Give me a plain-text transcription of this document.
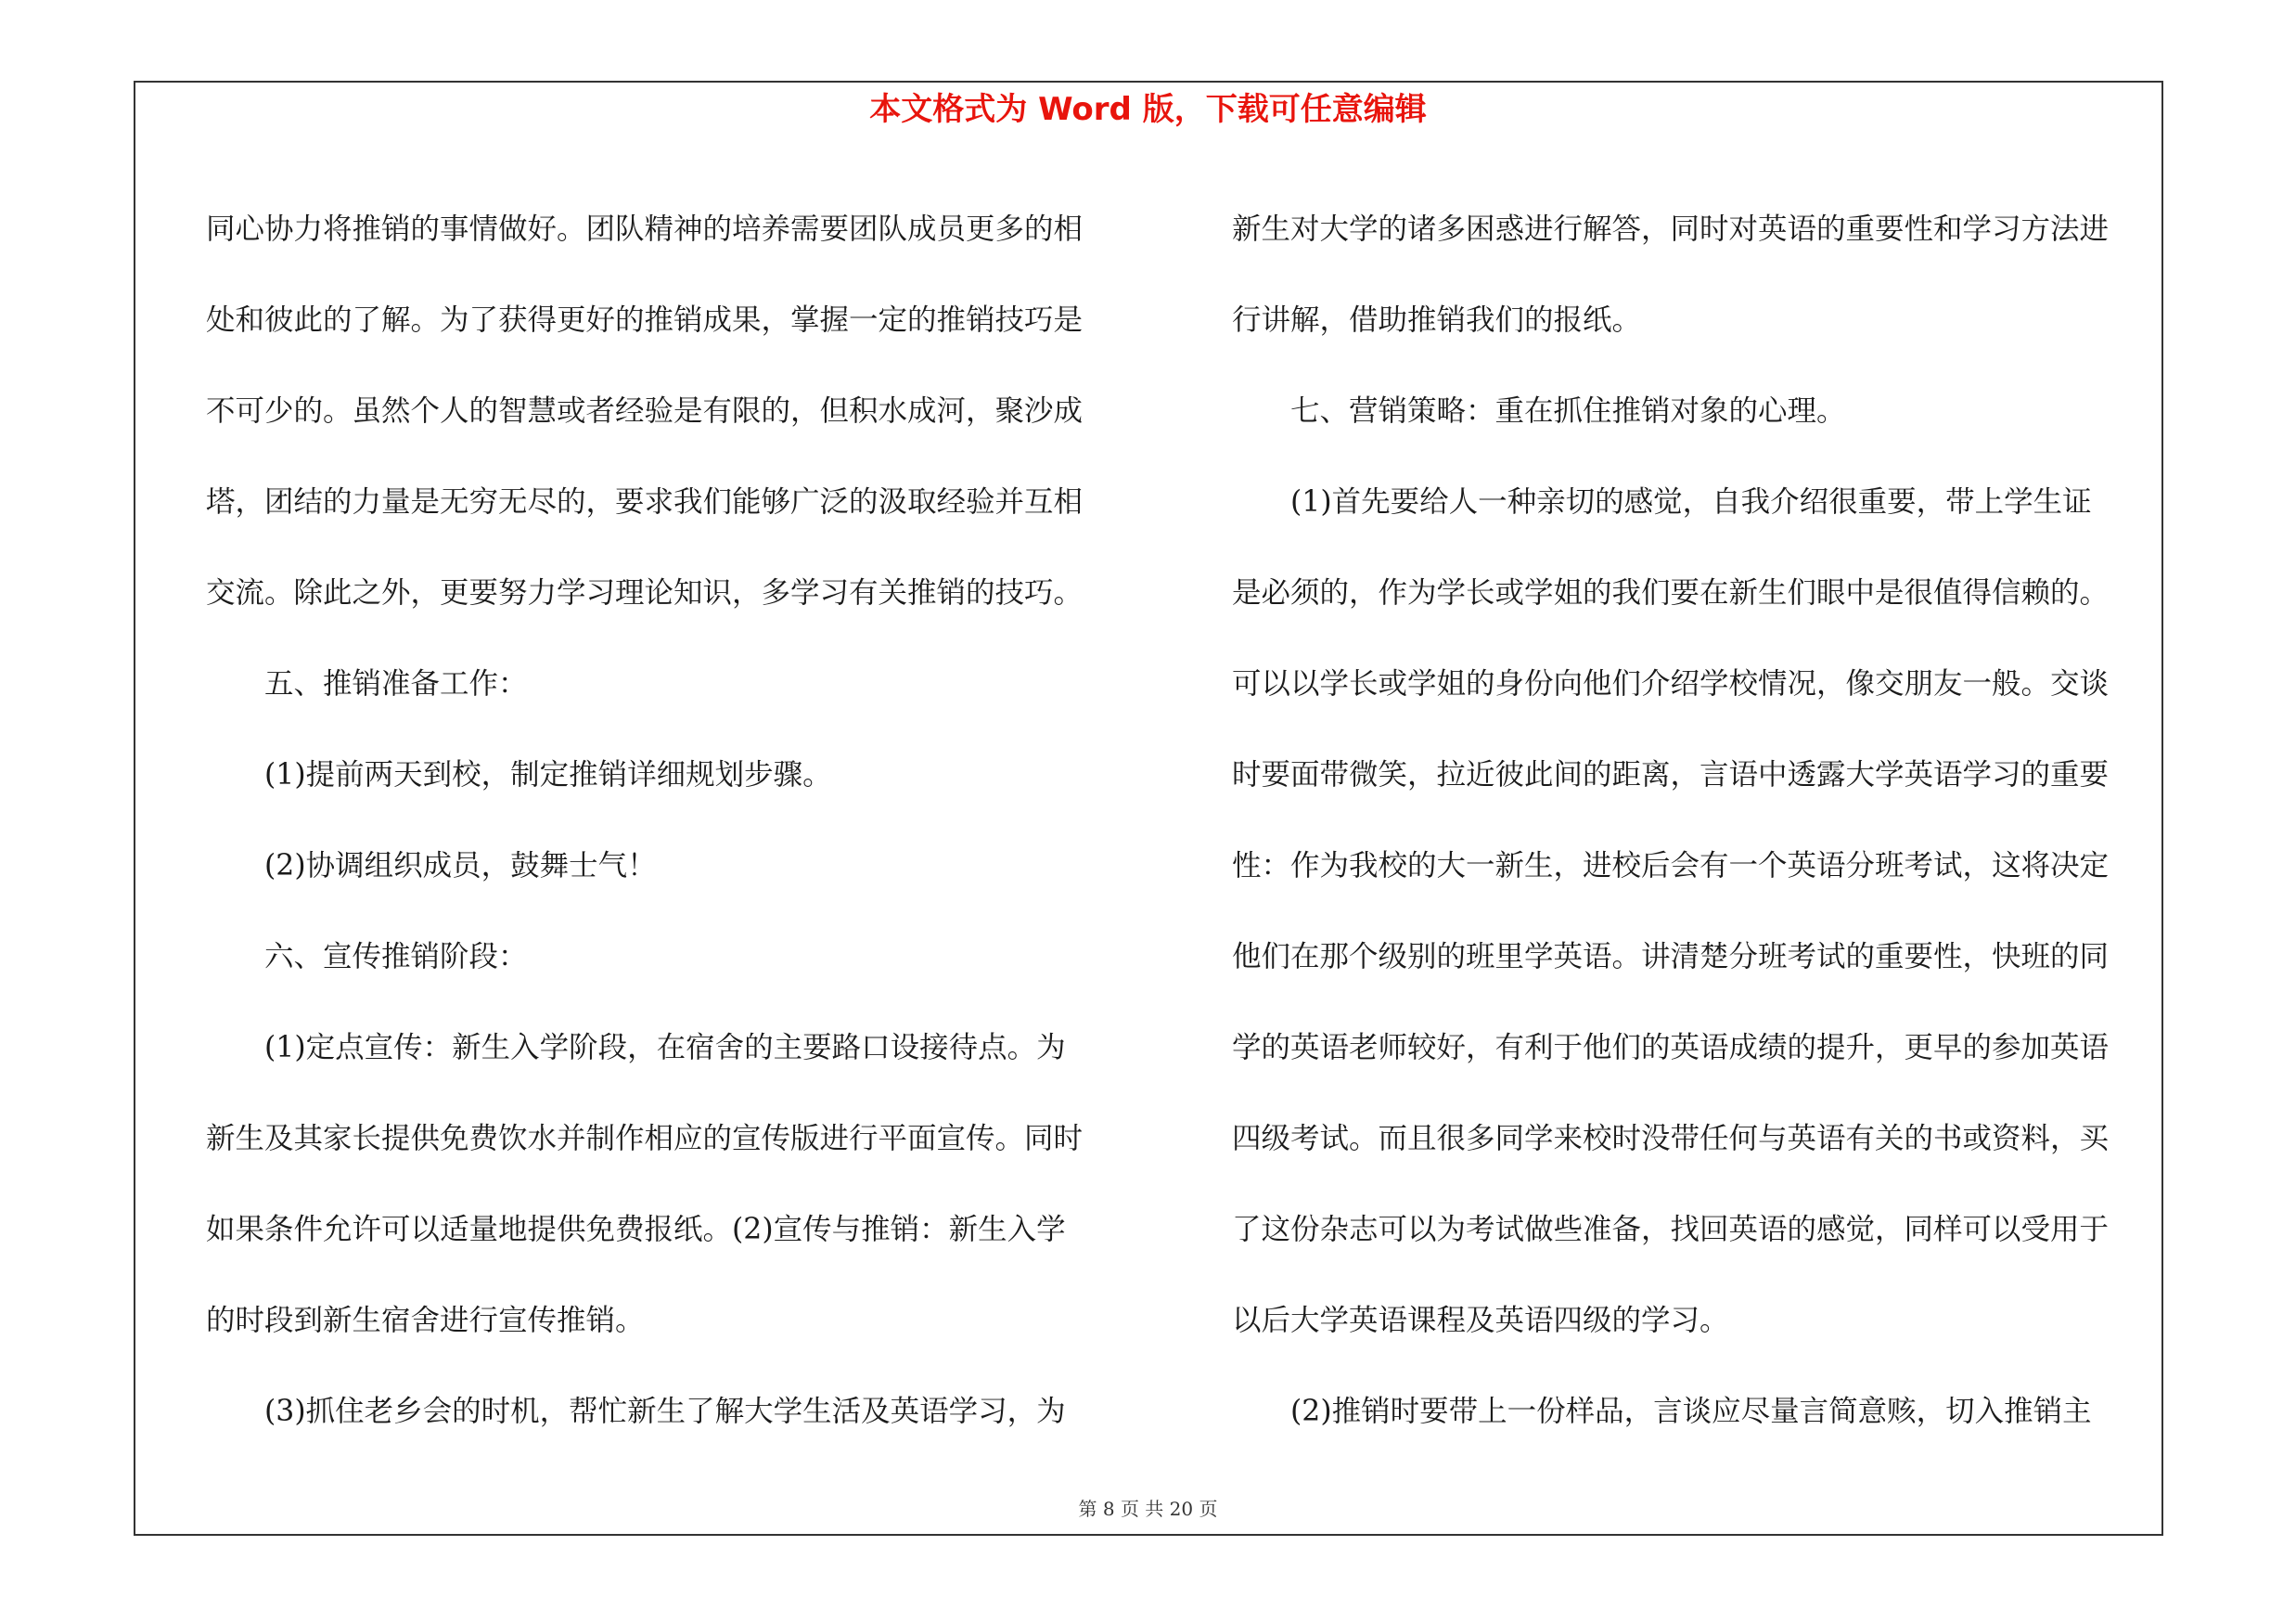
本文格式为 Word 版，下载可任意编辑
同心协力将推销的事情做好。团队精神的培养需要团队成员更多的相
处和彼此的了解。为了获得更好的推销成果，掌握一定的推销技巧是
不可少的。虽然个人的智慧或者经验是有限的，但积水成河，聚沙成
塔，团结的力量是无穷无尽的，要求我们能够广泛的汲取经验并互相
交流。除此之外，更要努力学习理论知识，多学习有关推销的技巧。
五、推销准备工作：
(1)提前两天到校，制定推销详细规划步骤。
(2)协调组织成员，鼓舞士气！
六、宣传推销阶段：
(1)定点宣传：新生入学阶段，在宿舍的主要路口设接待点。为
新生及其家长提供免费饮水并制作相应的宣传版进行平面宣传。同时
如果条件允许可以适量地提供免费报纸。(2)宣传与推销：新生入学
的时段到新生宿舍进行宣传推销。
(3)抓住老乡会的时机，帮忙新生了解大学生活及英语学习，为
新生对大学的诸多困惑进行解答，同时对英语的重要性和学习方法进
行讲解，借助推销我们的报纸。
七、营销策略：重在抓住推销对象的心理。
(1)首先要给人一种亲切的感觉，自我介绍很重要，带上学生证
是必须的，作为学长或学姐的我们要在新生们眼中是很值得信赖的。
可以以学长或学姐的身份向他们介绍学校情况，像交朋友一般。交谈
时要面带微笑，拉近彼此间的距离，言语中透露大学英语学习的重要
性：作为我校的大一新生，进校后会有一个英语分班考试，这将决定
他们在那个级别的班里学英语。讲清楚分班考试的重要性，快班的同
学的英语老师较好，有利于他们的英语成绩的提升，更早的参加英语
四级考试。而且很多同学来校时没带任何与英语有关的书或资料，买
了这份杂志可以为考试做些准备，找回英语的感觉，同样可以受用于
以后大学英语课程及英语四级的学习。
(2)推销时要带上一份样品，言谈应尽量言简意赅，切入推销主
第 8 页 共 20 页
